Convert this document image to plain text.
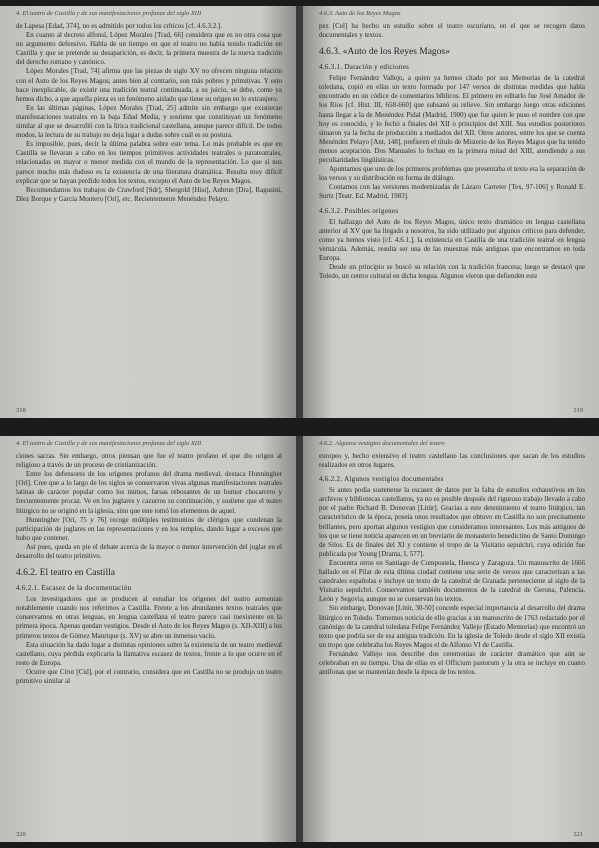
4. El teatro de Castilla y de sus manifestaciones profanas del siglo XIII

de Lapesa [Edad, 374], no es admitido por todos los críticos [cf. 4.6.3.2.].

En cuanto al decreto alfonsí, López Morales [Trad, 66] considera que es no otra cosa que un argumento defensivo. Habla de un tiempo en que el teatro no había tenido tradición en Castilla y que se pretende su desaparición, es decir, la primera muestra de la nueva tradición del derecho romano y canónico.

López Morales [Trad, 74] afirma que las piezas de siglo XV no ofrecen ninguna relación con el Auto de los Reyes Magos; antes bien al contrario, son más pobres y primitivas. Y esto hace inexplicable, de existir una tradición teatral continuada, a su juicio, se debe, como ya hemos dicho, a que aquella pieza es un fenómeno aislado que tiene su origen en lo extranjero.

En las últimas páginas, López Morales [Trad, 25] admite sin embargo que existieran manifestaciones teatrales en la baja Edad Media, y sostiene que constituyan un fenómeno similar al que se desarrolló con la lírica tradicional castellana, aunque parece difícil. De todos modos, la lectura de su trabajo no deja lugar a dudas sobre cuál es su postura.

Es imposible, pues, decir la última palabra sobre este tema. Lo más probable es que en Castilla se llevaran a cabo en los tiempos primitivos actividades teatrales o parateatrales, relacionadas en mayor o menor medida con el mundo de la representación. Lo que sí nos parece mucho más dudoso es la existencia de una literatura dramática. Resulta muy difícil explicar que se hayan perdido todos los textos, excepto el Auto de los Reyes Magos.

Recomendamos los trabajos de Crawford [Sdr], Shergold [Hist], Aubrun [Dra], Ragusini, Díez Borque y García Montero [Orí], etc. Recientemente Menéndez Pelayo.

318
4.6.3. Auto de los Reyes Magos

pez [Cel] ha hecho un estudio sobre el teatro escuriano, en el que se recogen datos documentales y textos.

4.6.3. «Auto de los Reyes Magos»
4.6.3.1. Datación y ediciones

Felipe Fernández Vallejo, a quien ya hemos citado por sus Memorias de la catedral toledana, copió en ellas un texto formado por 147 versos de distintas medidas que había encontrado en un códice de comentarios bíblicos. El primero en editarlo fue José Amador de los Ríos [cf. Hist. III, 658-660] que subsanó su relieve. Sin embargo luego otras ediciones hasta llegar a la de Menéndez Pidal (Madrid, 1900) que fue quien le puso el nombre con que hoy es conocido, y lo fechó a finales del XII o principios del XIII. Sus estudios posteriores situaron ya la fecha de producción a mediados del XII. Otros autores, entre los que se cuenta Menéndez Pelayo [Ant, 148], prefieren el título de Misterio de los Reyes Magos que ha tenido menos aceptación. Dos Manuales lo fechan en la primera mitad del XIII, atendiendo a sus peculiaridades lingüísticas.

Apuntamos que uno de los primeros problemas que presentaba el texto era la separación de los versos y su distribución en forma de diálogo.

Contamos con las versiones modernizadas de Lázaro Carreter [Tex, 97-106] y Ronald E. Surtz [Teatr. Ed. Madrid, 1983].

4.6.3.2. Posibles orígenes

El hallazgo del Auto de los Reyes Magos, único texto dramático en lengua castellana anterior al XV que ha llegado a nosotros, ha sido utilizado por algunos críticos para defender, como ya hemos visto [cf. 4.6.1.], la existencia en Castilla de una tradición teatral en lengua vernácula. Además, resulta ser una de las muestras más antiguas que encontramos en toda Europa.

Desde un principio se buscó su relación con la tradición francesa; luego se destacó que Toledo, un centro cultural en dicha lengua. Algunos vieron que defienden este

319
4. El teatro de Castilla y de sus manifestaciones profanas del siglo XIII

ciones sacras. Sin embargo, otros piensan que fue el teatro profano el que dio origen al religioso a través de un proceso de cristianización.

Entre los defensores de los orígenes profanos del drama medieval, destaca Hunningher [Orí]. Cree que a lo largo de los siglos se conservaron vivas algunas manifestaciones teatrales latinas de carácter popular como los mimos, farsas rebosantes de un humor chocarrero y frecuentemente procaz. Ve en los juglares y cazurros su continuación, y sostiene que el teatro litúrgico no se originó en la iglesia, sino que este tomó los elementos de aquel.

Hunningher [Orí, 75 y 76] recoge múltiples testimonios de clérigos que condenan la participación de juglares en las representaciones y en los templos, dando lugar a excesos que hubo que contener.

Así pues, queda en pie el debate acerca de la mayor o menor intervención del juglar en el desarrollo del teatro primitivo.

4.6.2. El teatro en Castilla
4.6.2.1. Escasez de la documentación

Los investigadores que se producen al estudiar los orígenes del teatro aumentan notablemente cuando nos referimos a Castilla. Frente a los abundantes textos teatrales que conservamos en otras lenguas, en lengua castellana el teatro parece casi inexistente en la primera época. Apenas quedan vestigios. Desde el Auto de los Reyes Magos (s. XII-XIII) a los primeros textos de Gómez Manrique (s. XV) se abre un inmenso vacío.

Esta situación ha dado lugar a distintas opiniones sobre la existencia de un teatro medieval castellano, cuya pérdida explicaría la llamativa escasez de textos, frente a lo que ocurre en el resto de Europa.

Ocurre que Cirot [Cid], por el contrario, considera que en Castilla no se produjo un teatro primitivo similar al

320
4.6.2. Algunos vestigios documentales del teatro

europeo y, hecho extensivo el teatro castellano las conclusiones que sacan de los estudios realizados en otros lugares.

4.6.2.2. Algunos vestigios documentales

Si antes podía sostenerse la escasez de datos por la falta de estudios exhaustivos en los archivos y bibliotecas castellanos, ya no es posible después del riguroso trabajo llevado a cabo por el padre Richard B. Donovan [Litúr]. Gracias a este detenimiento el teatro litúrgico, tan característico de la época, poseía unos resultados que obtuvo en Castilla no son precisamente brillantes, pero aportan algunos vestigios que consideramos interesantes. Los más antiguos de los que se tiene noticia aparecen en un breviario de monasterio benedictino de Santo Domingo de Silos. Es de finales del XI y contiene el tropo de la Visitatio sepulchri, cuya edición fue publicada por Young [Drama, I, 577].

Encuentra otros en Santiago de Compostela, Huesca y Zaragoza. Un manuscrito de 1666 hallado en el Pilar de esta última ciudad contiene una serie de versos que caracterizan a las catedrales españolas e incluye un texto de la catedral de Granada perteneciente al siglo de la Visitatio sepulchri. Conservamos también documentos de la catedral de Gerona, Palencia, León y Segovia, aunque no se conservan los textos.

Sin embargo, Donovan [Litúr, 30-50] concede especial importancia al desarrollo del drama litúrgico en Toledo. Tomemos noticia de ello gracias a un manuscrito de 1763 redactado por el canónigo de la catedral toledana Felipe Fernández Vallejo (Estado Memorias) que encontró un texto que podría ser de esa antigua tradición. En la iglesia de Toledo desde el siglo XII existía un tropo que celebraba los Reyes Magos el de Alfonso VI de Castilla.

Fernández Vallejo nos describe dos ceremonias de carácter dramático que aún se celebraban en su tiempo. Una de ellas es el Officium pastorum y la otra se incluye en cuatro antífonas que se mantenían desde la época de los textos.

321
